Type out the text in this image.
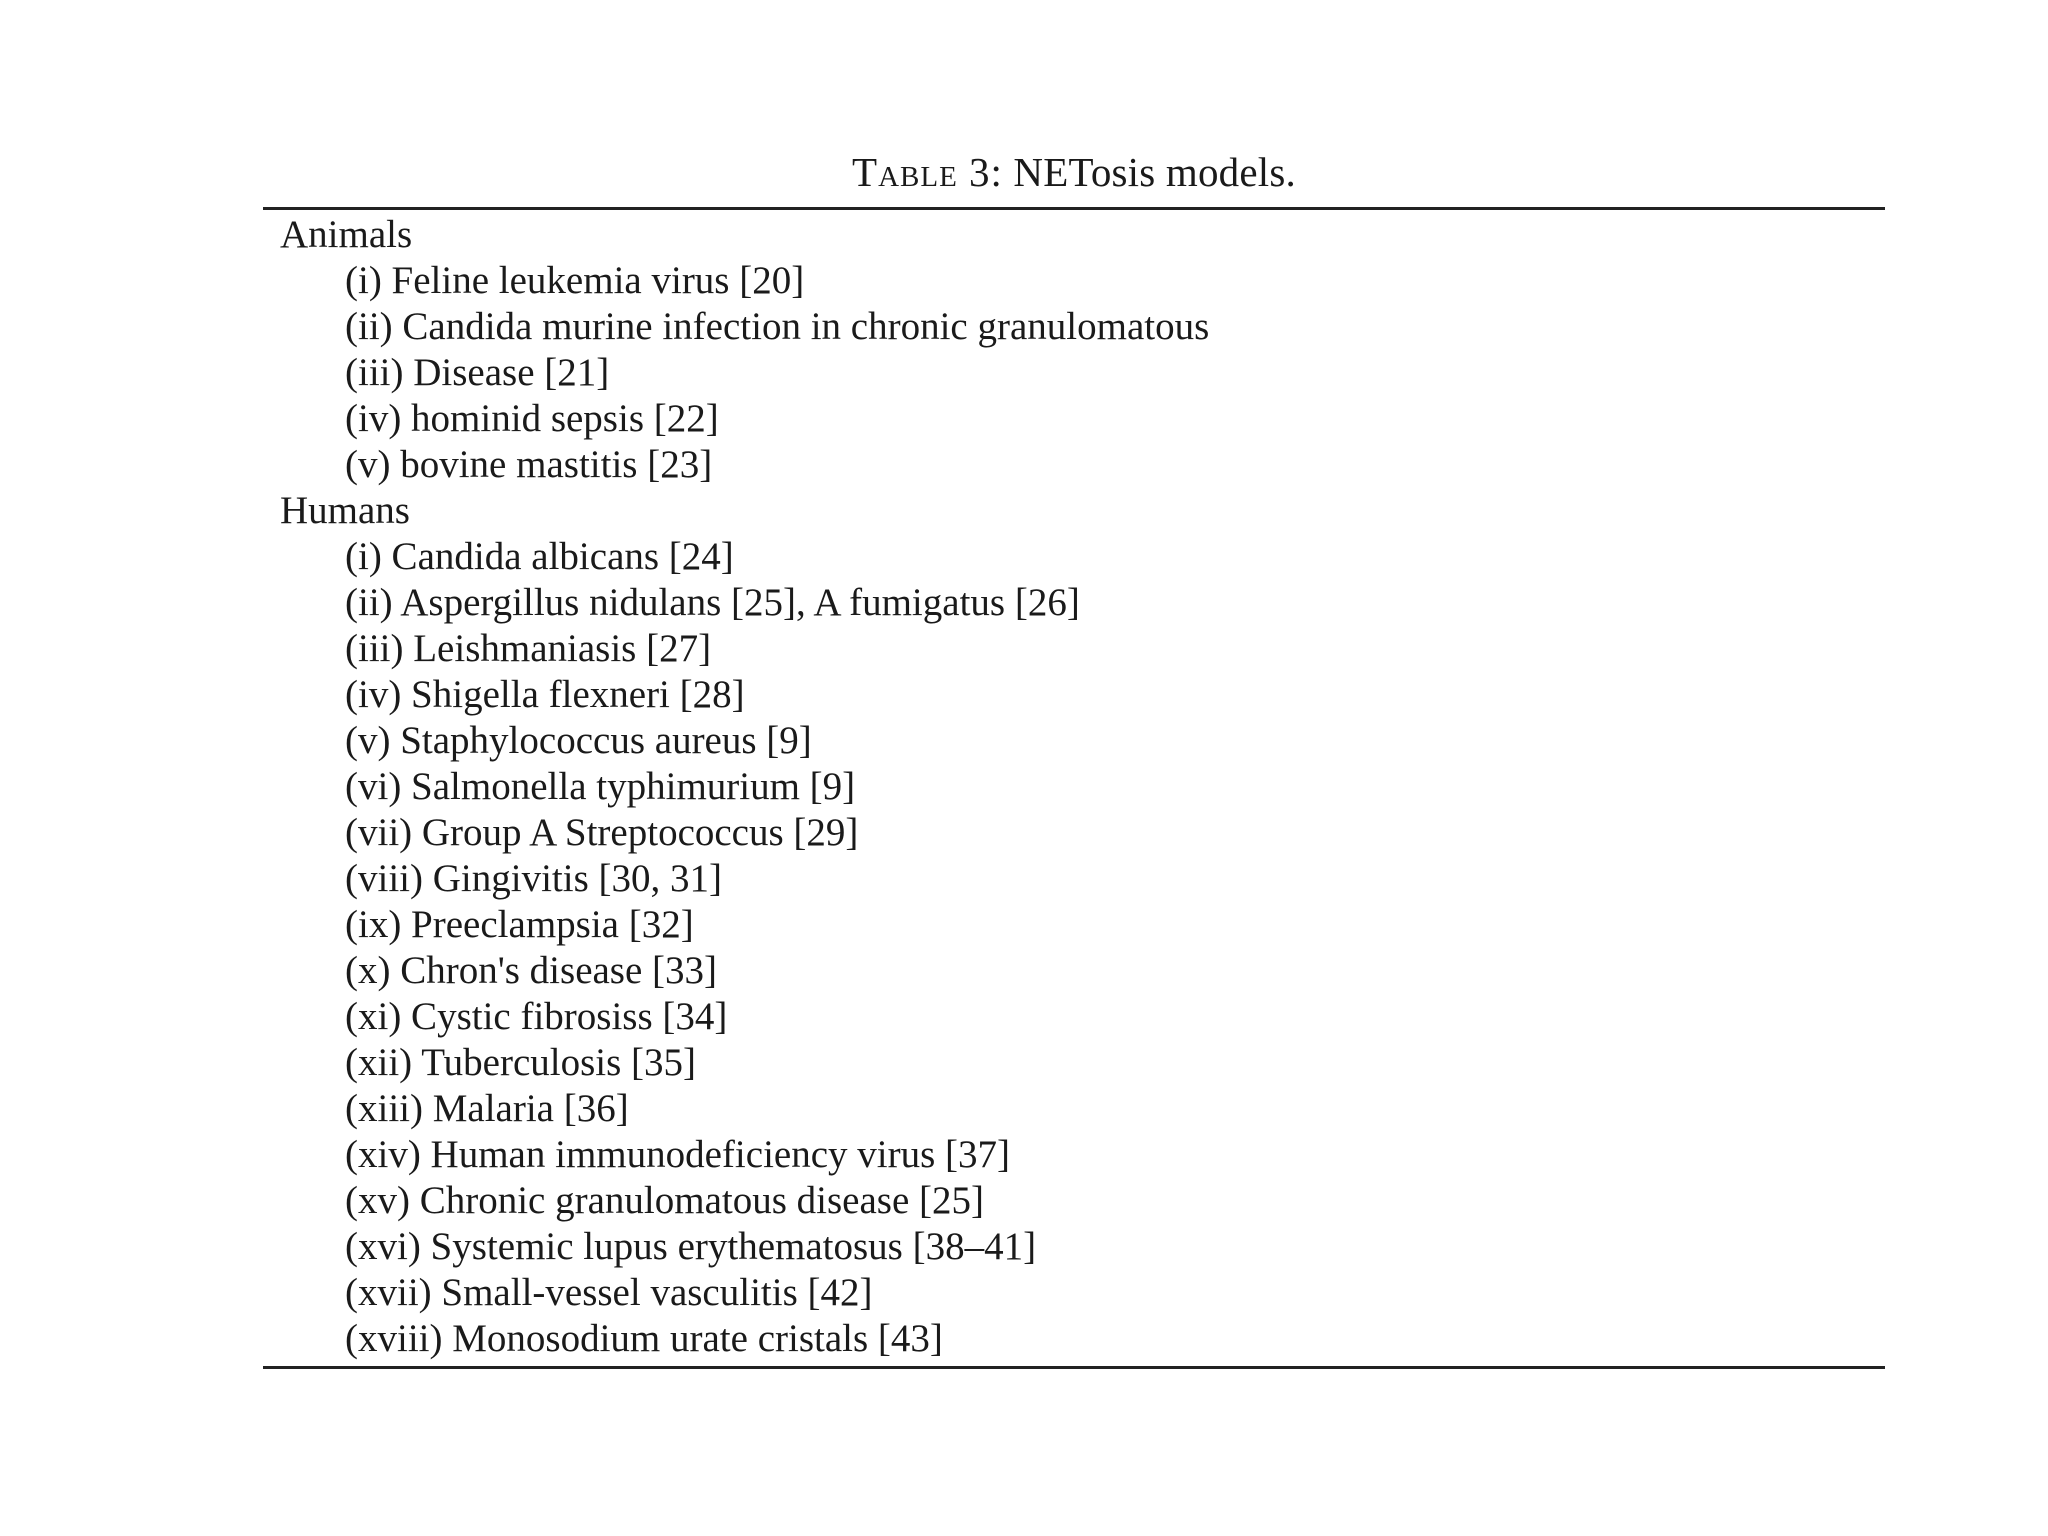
Table 3: NETosis models.
Animals
(i) Feline leukemia virus [20]
(ii) Candida murine infection in chronic granulomatous
(iii) Disease [21]
(iv) hominid sepsis [22]
(v) bovine mastitis [23]
Humans
(i) Candida albicans [24]
(ii) Aspergillus nidulans [25], A fumigatus [26]
(iii) Leishmaniasis [27]
(iv) Shigella flexneri [28]
(v) Staphylococcus aureus [9]
(vi) Salmonella typhimurium [9]
(vii) Group A Streptococcus [29]
(viii) Gingivitis [30, 31]
(ix) Preeclampsia [32]
(x) Chron's disease [33]
(xi) Cystic fibrosiss [34]
(xii) Tuberculosis [35]
(xiii) Malaria [36]
(xiv) Human immunodeficiency virus [37]
(xv) Chronic granulomatous disease [25]
(xvi) Systemic lupus erythematosus [38–41]
(xvii) Small-vessel vasculitis [42]
(xviii) Monosodium urate cristals [43]
